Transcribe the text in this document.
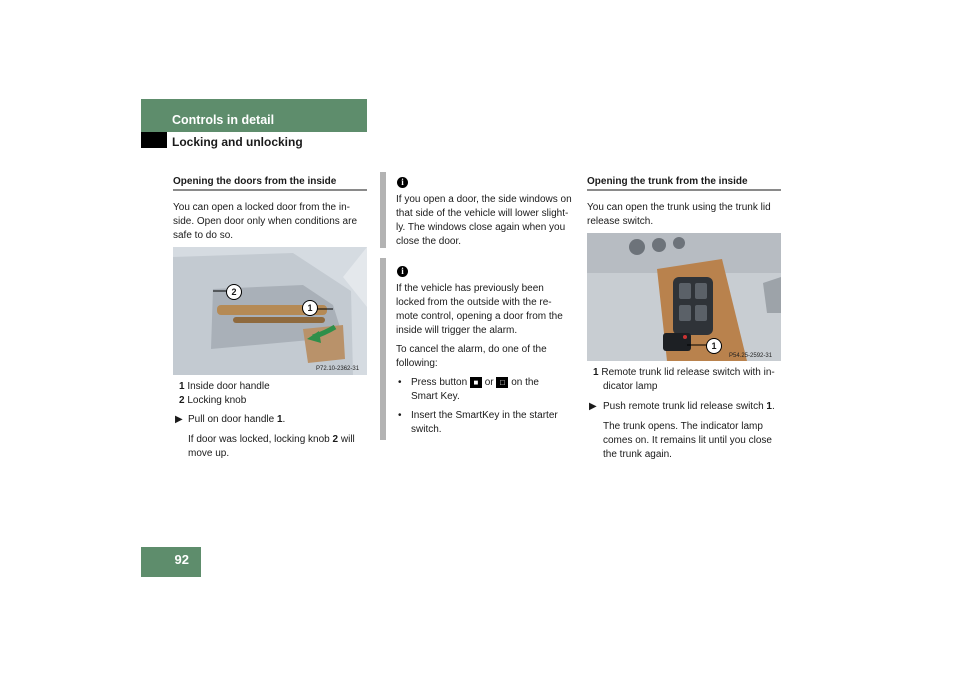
Controls in detail
Locking and unlocking
Opening the doors from the inside
You can open a locked door from the in-
side. Open door only when conditions are
safe to do so.
2
1
P72.10-2362-31
1 Inside door handle
2 Locking knob
▶ Pull on door handle 1.
If door was locked, locking knob 2 will
move up.
i
If you open a door, the side windows on
that side of the vehicle will lower slight-
ly. The windows close again when you
close the door.
i
If the vehicle has previously been
locked from the outside with the re-
mote control, opening a door from the
inside will trigger the alarm.
To cancel the alarm, do one of the
following:
• Press button ■ or □ on the
Smart Key.
• Insert the SmartKey in the starter
switch.
Opening the trunk from the inside
You can open the trunk using the trunk lid
release switch.
1
P54.25-2592-31
1 Remote trunk lid release switch with in-
dicator lamp
▶ Push remote trunk lid release switch 1.
The trunk opens. The indicator lamp
comes on. It remains lit until you close
the trunk again.
92
